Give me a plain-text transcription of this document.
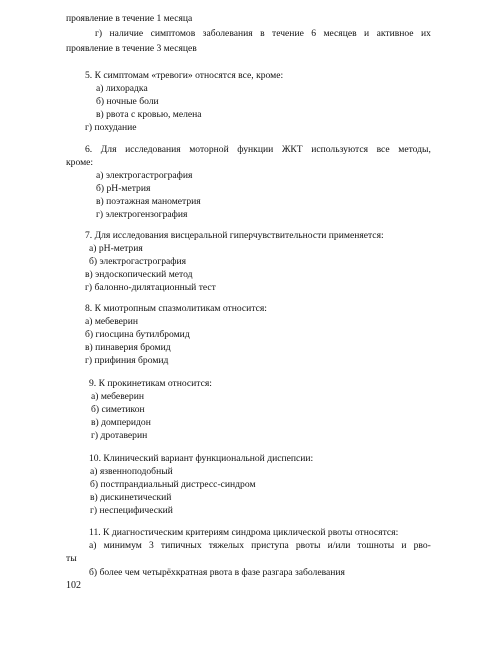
проявление в течение 1 месяца
г) наличие симптомов заболевания в течение 6 месяцев и активное их
проявление в течение 3 месяцев
5. К симптомам «тревоги» относятся все, кроме:
а) лихорадка
б) ночные боли
в) рвота с кровью, мелена
г) похудание
6. Для исследования моторной функции ЖКТ используются все методы,
кроме:
а) электрогастрография
б) pH-метрия
в) поэтажная манометрия
г) электрогензография
7. Для исследования висцеральной гиперчувствительности применяется:
а) pH-метрия
б) электрогастрография
в) эндоскопический метод
г) балонно-дилятационный тест
8. К миотропным спазмолитикам относится:
а) мебеверин
б) гиосцина бутилбромид
в) пинаверия бромид
г) прифиния бромид
9. К прокинетикам относится:
а) мебеверин
б) симетикон
в) домперидон
г) дротаверин
10. Клинический вариант функциональной диспепсии:
а) язвенноподобный
б) постпрандиальный дистресс-синдром
в) дискинетический
г) неспецифический
11. К диагностическим критериям синдрома циклической рвоты относятся:
а) минимум 3 типичных тяжелых приступа рвоты и/или тошноты и рво-
ты
б) более чем четырёхкратная рвота в фазе разгара заболевания
102
